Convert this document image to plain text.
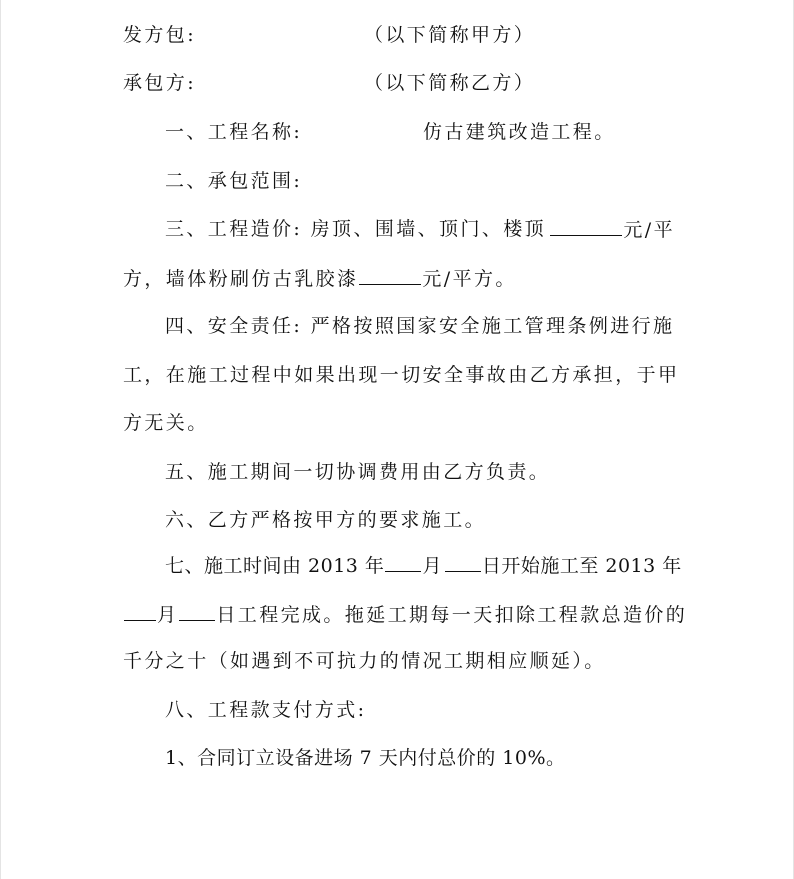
发方包:	（以下简称甲方）
承包方:	（以下简称乙方）
一、工程名称:	仿古建筑改造工程。
二、承包范围:
三、工程造价: 房顶、围墙、顶门、楼顶	元/平
方，墙体粉刷仿古乳胶漆	元/平方。
四、安全责任: 严格按照国家安全施工管理条例进行施
工，在施工过程中如果出现一切安全事故由乙方承担，于甲
方无关。
五、施工期间一切协调费用由乙方负责。
六、乙方严格按甲方的要求施工。
七、施工时间由 2013 年 月 日开始施工至 2013 年
月 日工程完成。拖延工期每一天扣除工程款总造价的
千分之十（如遇到不可抗力的情况工期相应顺延）。
八、工程款支付方式:
1、合同订立设备进场 7 天内付总价的 10%。
